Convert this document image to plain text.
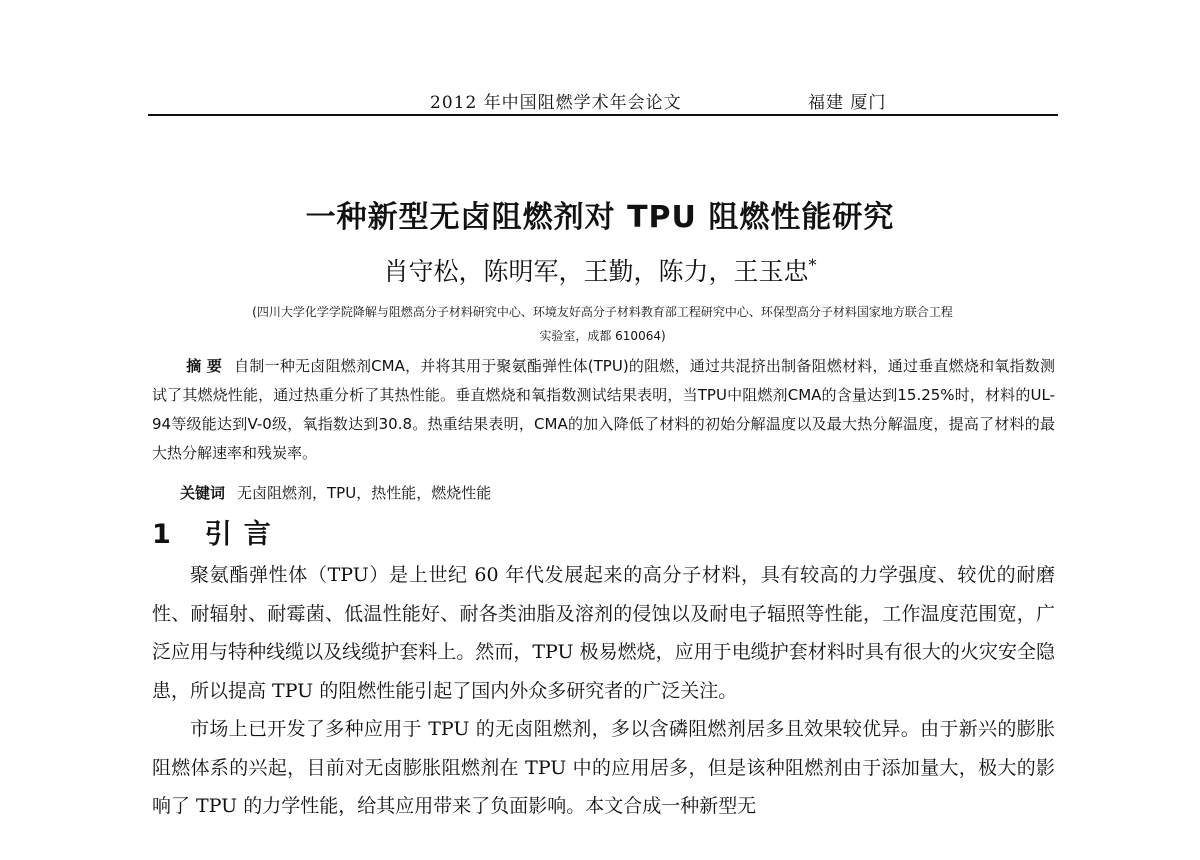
2012 年中国阻燃学术年会论文	福建 厦门
一种新型无卤阻燃剂对 TPU 阻燃性能研究
肖守松，陈明军，王勤，陈力，王玉忠*
(四川大学化学学院降解与阻燃高分子材料研究中心、环境友好高分子材料教育部工程研究中心、环保型高分子材料国家地方联合工程
实验室，成都 610064)
摘 要 自制一种无卤阻燃剂CMA，并将其用于聚氨酯弹性体(TPU)的阻燃，通过共混挤出制备阻燃材料，通过垂直燃烧和氧指数测试了其燃烧性能，通过热重分析了其热性能。垂直燃烧和氧指数测试结果表明，当TPU中阻燃剂CMA的含量达到15.25%时，材料的UL-94等级能达到V-0级，氧指数达到30.8。热重结果表明，CMA的加入降低了材料的初始分解温度以及最大热分解温度，提高了材料的最大热分解速率和残炭率。
关键词 无卤阻燃剂，TPU，热性能，燃烧性能
1 引言

聚氨酯弹性体（TPU）是上世纪 60 年代发展起来的高分子材料，具有较高的力学强度、较优的耐磨性、耐辐射、耐霉菌、低温性能好、耐各类油脂及溶剂的侵蚀以及耐电子辐照等性能，工作温度范围宽，广泛应用与特种线缆以及线缆护套料上。然而，TPU 极易燃烧，应用于电缆护套材料时具有很大的火灾安全隐患，所以提高 TPU 的阻燃性能引起了国内外众多研究者的广泛关注。

市场上已开发了多种应用于 TPU 的无卤阻燃剂，多以含磷阻燃剂居多且效果较优异。由于新兴的膨胀阻燃体系的兴起，目前对无卤膨胀阻燃剂在 TPU 中的应用居多，但是该种阻燃剂由于添加量大，极大的影响了 TPU 的力学性能，给其应用带来了负面影响。本文合成一种新型无
